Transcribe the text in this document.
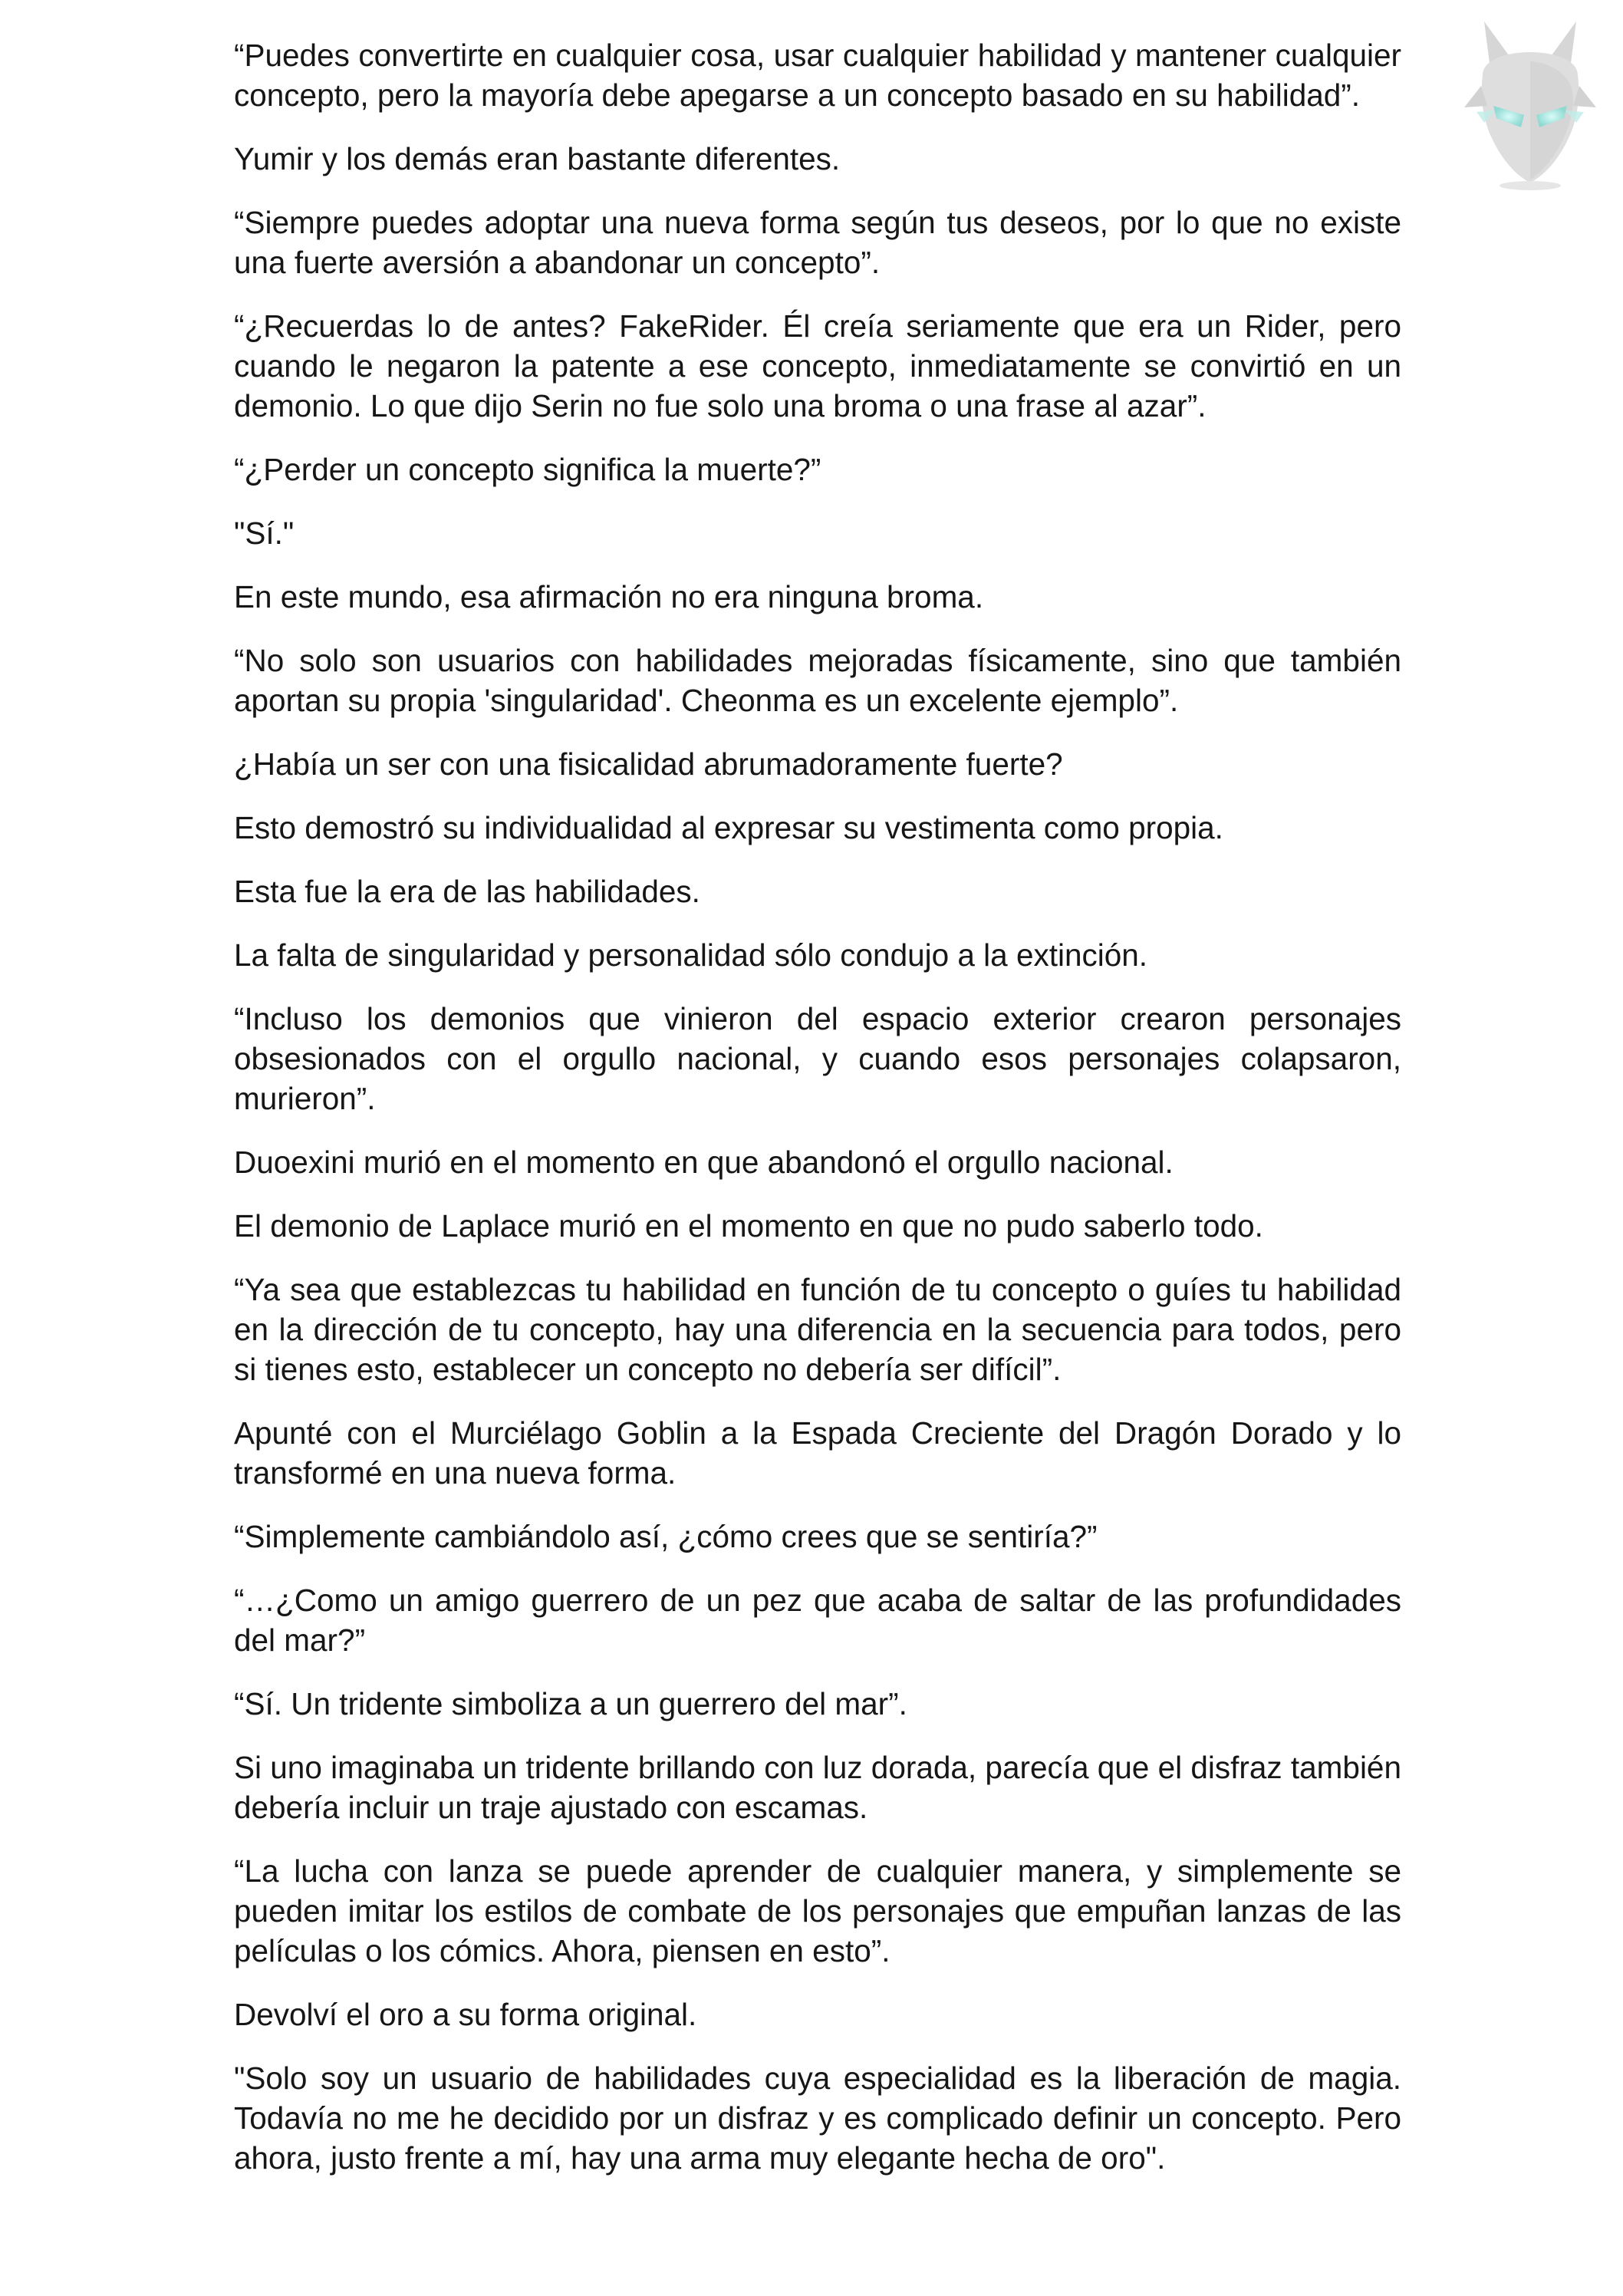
“Puedes convertirte en cualquier cosa, usar cualquier habilidad y mantener cualquier concepto, pero la mayoría debe apegarse a un concepto basado en su habilidad”.

Yumir y los demás eran bastante diferentes.

“Siempre puedes adoptar una nueva forma según tus deseos, por lo que no existe una fuerte aversión a abandonar un concepto”.

“¿Recuerdas lo de antes? FakeRider. Él creía seriamente que era un Rider, pero cuando le negaron la patente a ese concepto, inmediatamente se convirtió en un demonio. Lo que dijo Serin no fue solo una broma o una frase al azar”.

“¿Perder un concepto significa la muerte?”

"Sí."

En este mundo, esa afirmación no era ninguna broma.

“No solo son usuarios con habilidades mejoradas físicamente, sino que también aportan su propia 'singularidad'. Cheonma es un excelente ejemplo”.

¿Había un ser con una fisicalidad abrumadoramente fuerte?

Esto demostró su individualidad al expresar su vestimenta como propia.

Esta fue la era de las habilidades.

La falta de singularidad y personalidad sólo condujo a la extinción.

“Incluso los demonios que vinieron del espacio exterior crearon personajes obsesionados con el orgullo nacional, y cuando esos personajes colapsaron, murieron”.

Duoexini murió en el momento en que abandonó el orgullo nacional.

El demonio de Laplace murió en el momento en que no pudo saberlo todo.

“Ya sea que establezcas tu habilidad en función de tu concepto o guíes tu habilidad en la dirección de tu concepto, hay una diferencia en la secuencia para todos, pero si tienes esto, establecer un concepto no debería ser difícil”.

Apunté con el Murciélago Goblin a la Espada Creciente del Dragón Dorado y lo transformé en una nueva forma.

“Simplemente cambiándolo así, ¿cómo crees que se sentiría?”

“…¿Como un amigo guerrero de un pez que acaba de saltar de las profundidades del mar?”

“Sí. Un tridente simboliza a un guerrero del mar”.

Si uno imaginaba un tridente brillando con luz dorada, parecía que el disfraz también debería incluir un traje ajustado con escamas.

“La lucha con lanza se puede aprender de cualquier manera, y simplemente se pueden imitar los estilos de combate de los personajes que empuñan lanzas de las películas o los cómics. Ahora, piensen en esto”.

Devolví el oro a su forma original.

"Solo soy un usuario de habilidades cuya especialidad es la liberación de magia. Todavía no me he decidido por un disfraz y es complicado definir un concepto. Pero ahora, justo frente a mí, hay una arma muy elegante hecha de oro".
